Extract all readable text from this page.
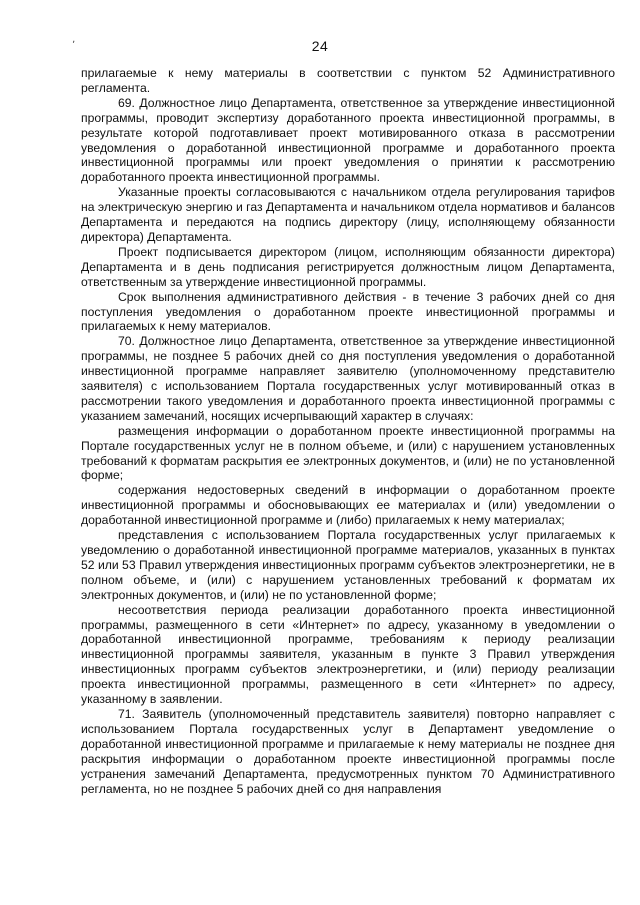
٬	24

прилагаемые к нему материалы в соответствии с пунктом 52 Административного регламента.

69. Должностное лицо Департамента, ответственное за утверждение инвестиционной программы, проводит экспертизу доработанного проекта инвестиционной программы, в результате которой подготавливает проект мотивированного отказа в рассмотрении уведомления о доработанной инвестиционной программе и доработанного проекта инвестиционной программы или проект уведомления о принятии к рассмотрению доработанного проекта инвестиционной программы.

Указанные проекты согласовываются с начальником отдела регулирования тарифов на электрическую энергию и газ Департамента и начальником отдела нормативов и балансов Департамента и передаются на подпись директору (лицу, исполняющему обязанности директора) Департамента.

Проект подписывается директором (лицом, исполняющим обязанности директора) Департамента и в день подписания регистрируется должностным лицом Департамента, ответственным за утверждение инвестиционной программы.

Срок выполнения административного действия - в течение 3 рабочих дней со дня поступления уведомления о доработанном проекте инвестиционной программы и прилагаемых к нему материалов.

70. Должностное лицо Департамента, ответственное за утверждение инвестиционной программы, не позднее 5 рабочих дней со дня поступления уведомления о доработанной инвестиционной программе направляет заявителю (уполномоченному представителю заявителя) с использованием Портала государственных услуг мотивированный отказ в рассмотрении такого уведомления и доработанного проекта инвестиционной программы с указанием замечаний, носящих исчерпывающий характер в случаях:

размещения информации о доработанном проекте инвестиционной программы на Портале государственных услуг не в полном объеме, и (или) с нарушением установленных требований к форматам раскрытия ее электронных документов, и (или) не по установленной форме;

содержания недостоверных сведений в информации о доработанном проекте инвестиционной программы и обосновывающих ее материалах и (или) уведомлении о доработанной инвестиционной программе и (либо) прилагаемых к нему материалах;

представления с использованием Портала государственных услуг прилагаемых к уведомлению о доработанной инвестиционной программе материалов, указанных в пунктах 52 или 53 Правил утверждения инвестиционных программ субъектов электроэнергетики, не в полном объеме, и (или) с нарушением установленных требований к форматам их электронных документов, и (или) не по установленной форме;

несоответствия периода реализации доработанного проекта инвестиционной программы, размещенного в сети «Интернет» по адресу, указанному в уведомлении о доработанной инвестиционной программе, требованиям к периоду реализации инвестиционной программы заявителя, указанным в пункте 3 Правил утверждения инвестиционных программ субъектов электроэнергетики, и (или) периоду реализации проекта инвестиционной программы, размещенного в сети «Интернет» по адресу, указанному в заявлении.

71. Заявитель (уполномоченный представитель заявителя) повторно направляет с использованием Портала государственных услуг в Департамент уведомление о доработанной инвестиционной программе и прилагаемые к нему материалы не позднее дня раскрытия информации о доработанном проекте инвестиционной программы после устранения замечаний Департамента, предусмотренных пунктом 70 Административного регламента, но не позднее 5 рабочих дней со дня направления
